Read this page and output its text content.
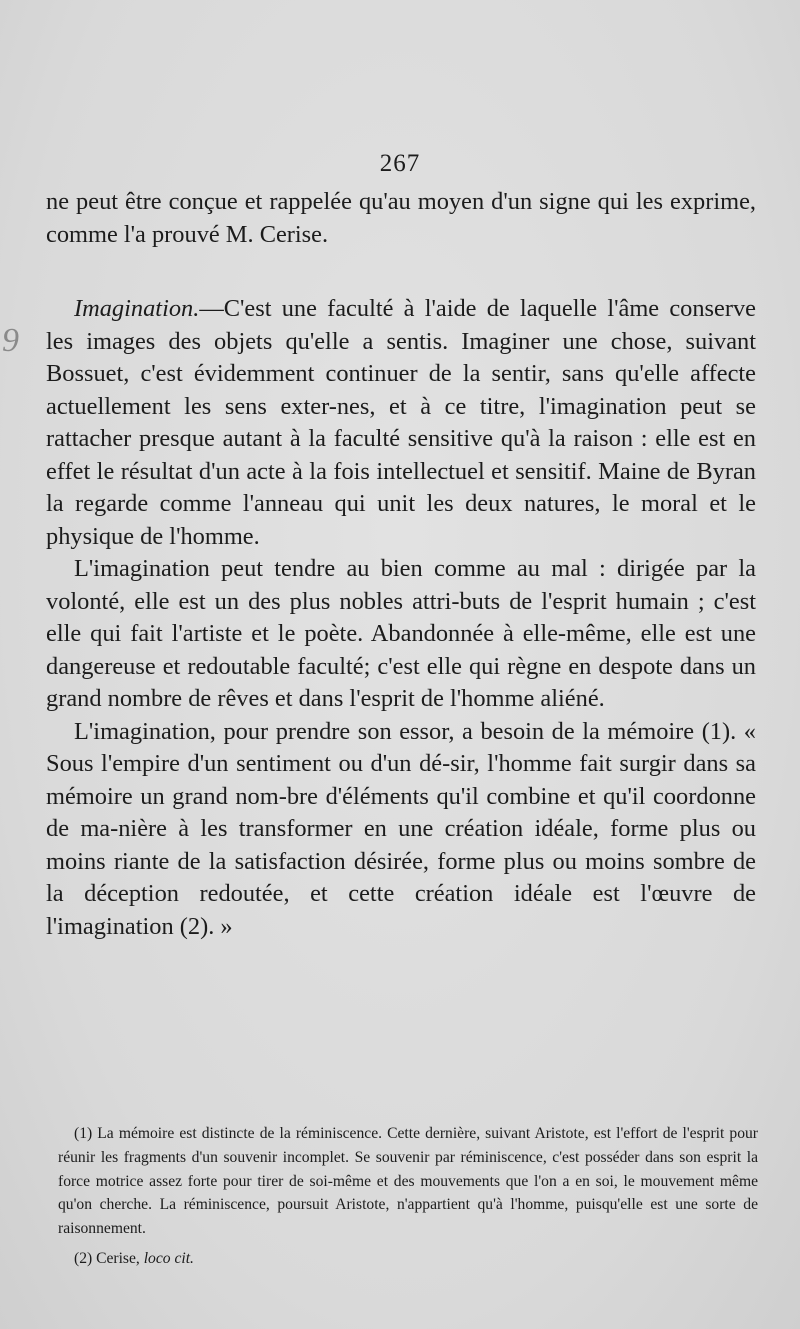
267
9

ne peut être conçue et rappelée qu'au moyen d'un signe qui les exprime, comme l'a prouvé M. Cerise.

Imagination.—C'est une faculté à l'aide de laquelle l'âme conserve les images des objets qu'elle a sentis. Imaginer une chose, suivant Bossuet, c'est évidemment continuer de la sentir, sans qu'elle affecte actuellement les sens exter-nes, et à ce titre, l'imagination peut se rattacher presque autant à la faculté sensitive qu'à la raison : elle est en effet le résultat d'un acte à la fois intellectuel et sensitif. Maine de Byran la regarde comme l'anneau qui unit les deux natures, le moral et le physique de l'homme.

L'imagination peut tendre au bien comme au mal : dirigée par la volonté, elle est un des plus nobles attri-buts de l'esprit humain ; c'est elle qui fait l'artiste et le poète. Abandonnée à elle-même, elle est une dangereuse et redoutable faculté; c'est elle qui règne en despote dans un grand nombre de rêves et dans l'esprit de l'homme aliéné.

L'imagination, pour prendre son essor, a besoin de la mémoire (1). « Sous l'empire d'un sentiment ou d'un dé-sir, l'homme fait surgir dans sa mémoire un grand nom-bre d'éléments qu'il combine et qu'il coordonne de ma-nière à les transformer en une création idéale, forme plus ou moins riante de la satisfaction désirée, forme plus ou moins sombre de la déception redoutée, et cette création idéale est l'œuvre de l'imagination (2). »

(1) La mémoire est distincte de la réminiscence. Cette dernière, suivant Aristote, est l'effort de l'esprit pour réunir les fragments d'un souvenir incomplet. Se souvenir par réminiscence, c'est posséder dans son esprit la force motrice assez forte pour tirer de soi-même et des mouvements que l'on a en soi, le mouvement même qu'on cherche. La réminiscence, poursuit Aristote, n'appartient qu'à l'homme, puisqu'elle est une sorte de raisonnement.

(2) Cerise, loco cit.
